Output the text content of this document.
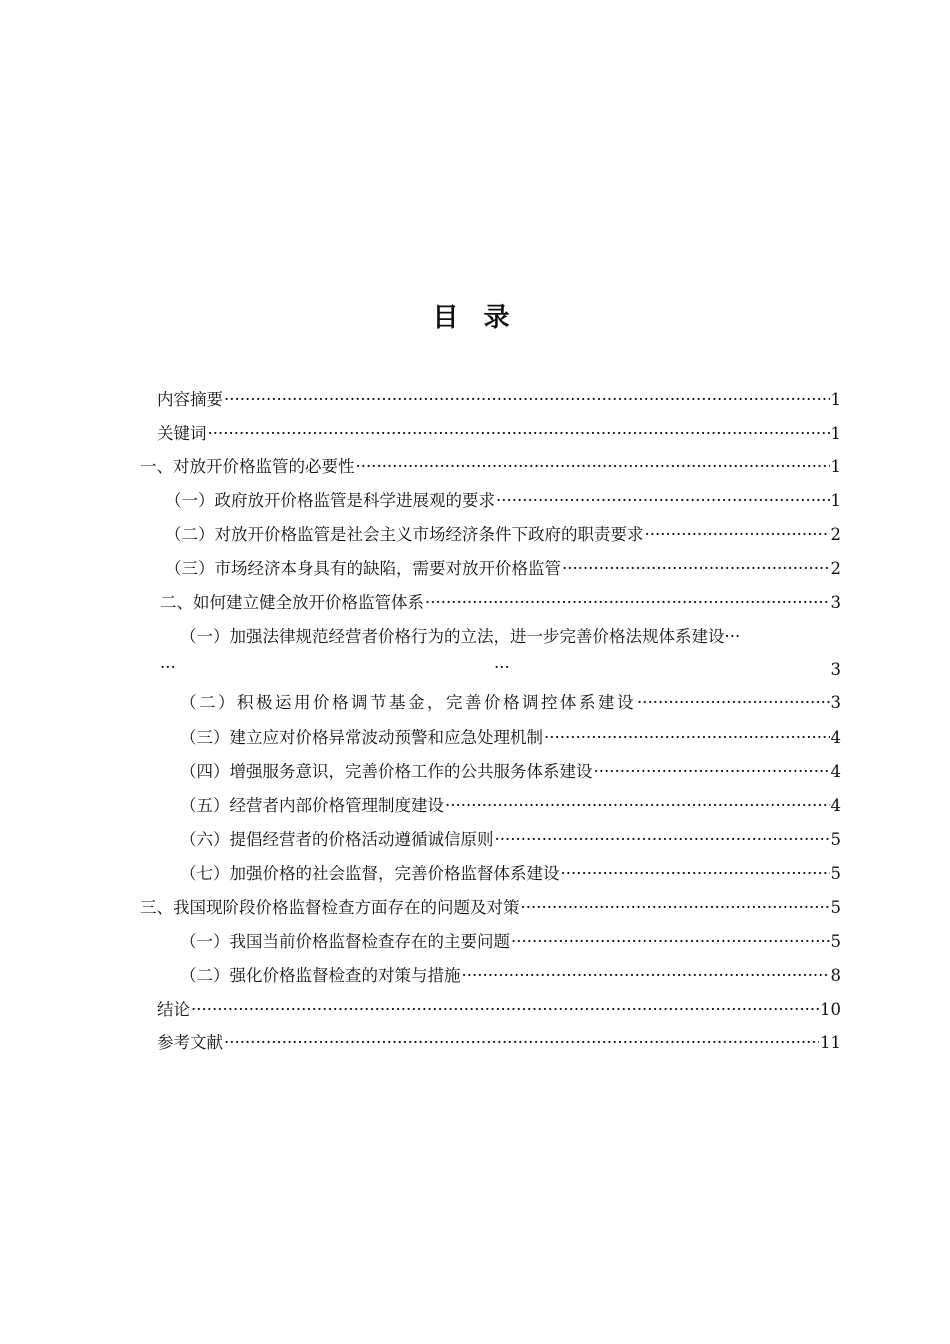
目 录
内容摘要 ·····	1
关键词 ·····	1
一、对放开价格监管的必要性 ·····	1
（一）政府放开价格监管是科学进展观的要求 ·····	1
（二）对放开价格监管是社会主义市场经济条件下政府的职责要求 ·····	2
（三）市场经济本身具有的缺陷，需要对放开价格监管 ·····	2
二、如何建立健全放开价格监管体系 ·····	3
（一）加强法律规范经营者价格行为的立法，进一步完善价格法规体系建设 ···
···	···	3
（二）积极运用价格调节基金，完善价格调控体系建设 ·····	3
（三）建立应对价格异常波动预警和应急处理机制 ·····	4
（四）增强服务意识，完善价格工作的公共服务体系建设 ·····	4
（五）经营者内部价格管理制度建设 ·····	4
（六）提倡经营者的价格活动遵循诚信原则 ·····	5
（七）加强价格的社会监督，完善价格监督体系建设 ·····	5
三、我国现阶段价格监督检查方面存在的问题及对策 ·····	5
（一）我国当前价格监督检查存在的主要问题 ·····	5
（二）强化价格监督检查的对策与措施 ·····	8
结论 ·····	10
参考文献 ·····	11
